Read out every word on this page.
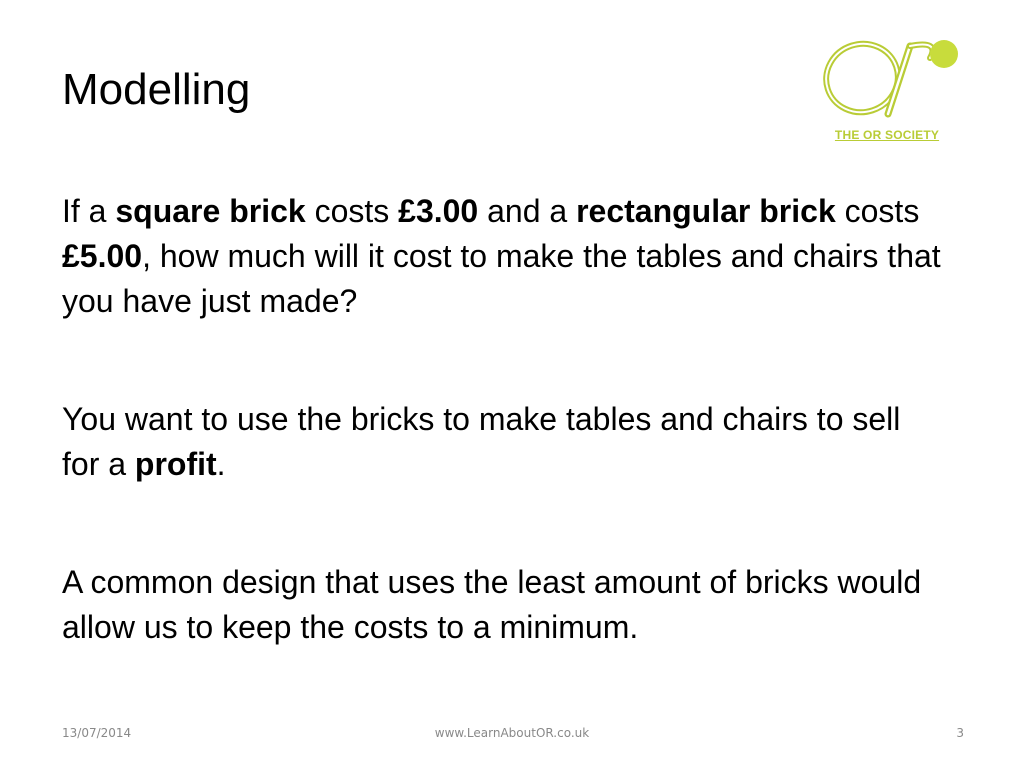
Modelling
THE OR SOCIETY

If a square brick costs £3.00 and a rectangular brick costs £5.00, how much will it cost to make the tables and chairs that you have just made?

You want to use the bricks to make tables and chairs to sell for a profit.

A common design that uses the least amount of bricks would allow us to keep the costs to a minimum.

13/07/2014	www.LearnAboutOR.co.uk	3
